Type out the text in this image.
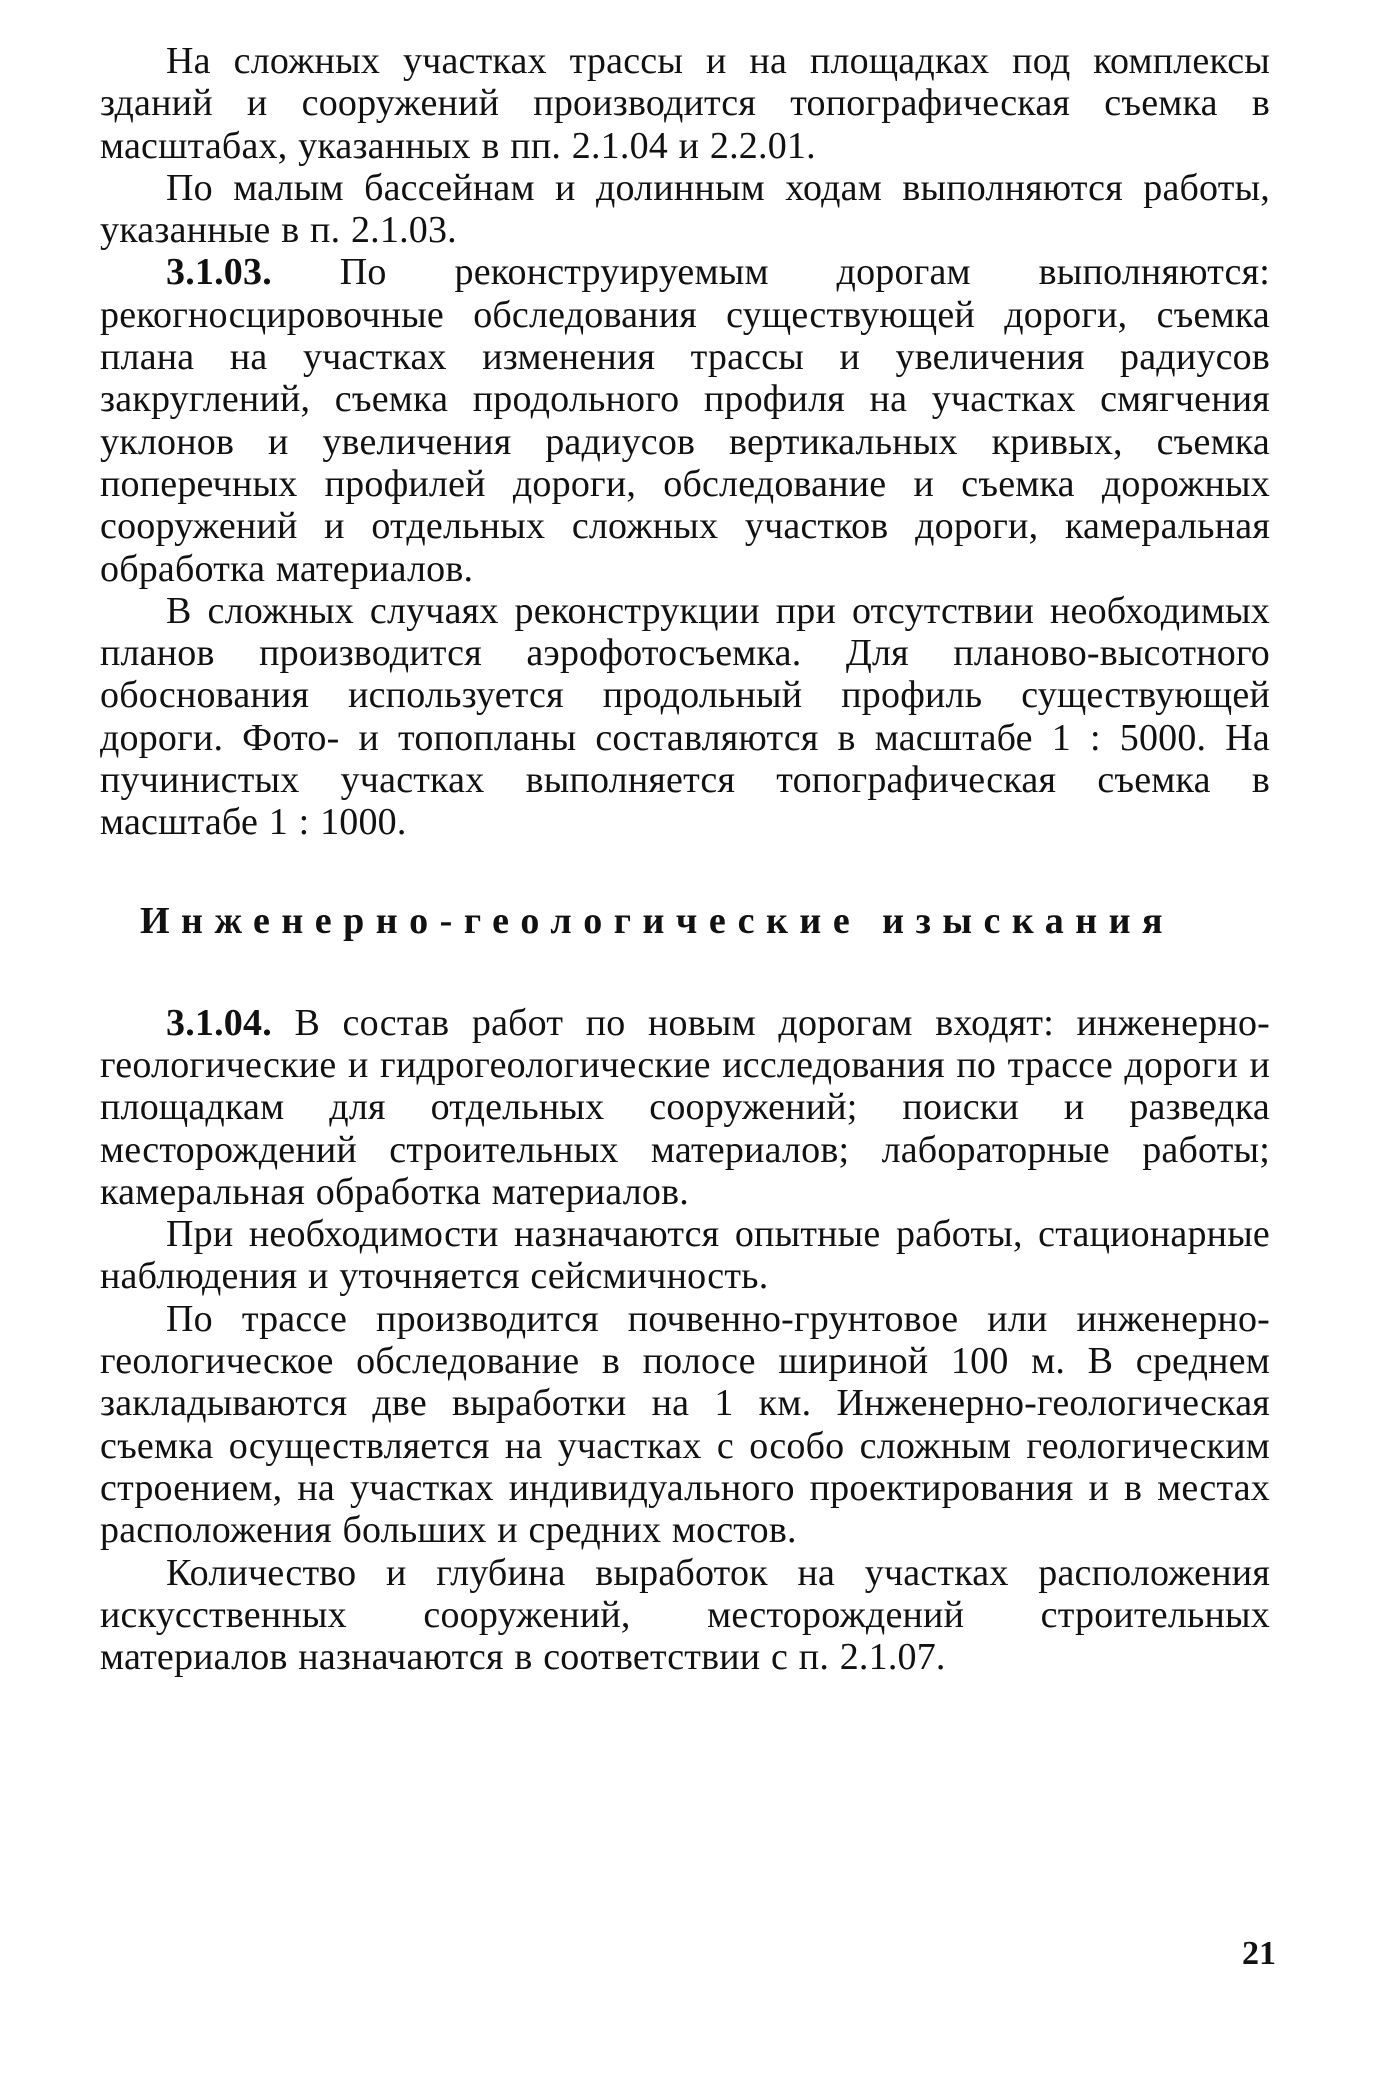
На сложных участках трассы и на площадках под комплексы зданий и сооружений производится топографическая съемка в масштабах, указанных в пп. 2.1.04 и 2.2.01.

По малым бассейнам и долинным ходам выполняются работы, указанные в п. 2.1.03.

3.1.03. По реконструируемым дорогам выполняются: рекогносцировочные обследования существующей дороги, съемка плана на участках изменения трассы и увеличения радиусов закруглений, съемка продольного профиля на участках смягчения уклонов и увеличения радиусов вертикальных кривых, съемка поперечных профилей дороги, обследование и съемка дорожных сооружений и отдельных сложных участков дороги, камеральная обработка материалов.

В сложных случаях реконструкции при отсутствии необходимых планов производится аэрофотосъемка. Для планово-высотного обоснования используется продольный профиль существующей дороги. Фото- и топопланы составляются в масштабе 1 : 5000. На пучинистых участках выполняется топографическая съемка в масштабе 1 : 1000.

Инженерно-геологические изыскания

3.1.04. В состав работ по новым дорогам входят: инженерно-геологические и гидрогеологические исследования по трассе дороги и площадкам для отдельных сооружений; поиски и разведка месторождений строительных материалов; лабораторные работы; камеральная обработка материалов.

При необходимости назначаются опытные работы, стационарные наблюдения и уточняется сейсмичность.

По трассе производится почвенно-грунтовое или инженерно-геологическое обследование в полосе шириной 100 м. В среднем закладываются две выработки на 1 км. Инженерно-геологическая съемка осуществляется на участках с особо сложным геологическим строением, на участках индивидуального проектирования и в местах расположения больших и средних мостов.

Количество и глубина выработок на участках расположения искусственных сооружений, месторождений строительных материалов назначаются в соответствии с п. 2.1.07.

21
